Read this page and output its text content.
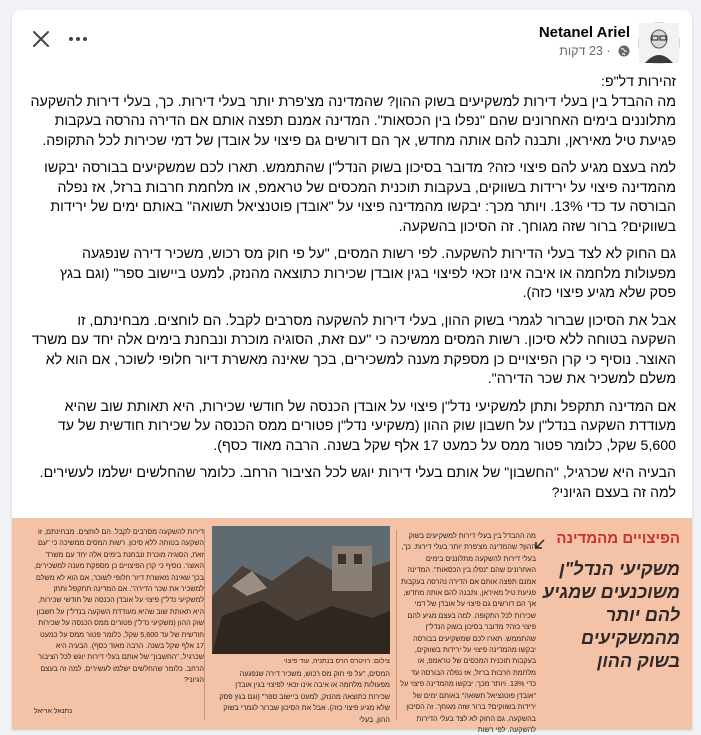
Netanel Ariel
· 23 דקות

זהירות דל"פ:
מה ההבדל בין בעלי דירות למשקיעים בשוק ההון? שהמדינה מצ'פרת יותר בעלי דירות. כך, בעלי דירות להשקעה מתלוננים בימים האחרונים שהם "נפלו בין הכסאות". המדינה אמנם תפצה אותם אם הדירה נהרסה בעקבות פגיעת טיל מאיראן, ותבנה להם אותה מחדש, אך הם דורשים גם פיצוי על אובדן של דמי שכירות לכל התקופה.

למה בעצם מגיע להם פיצוי כזה? מדובר בסיכון בשוק הנדל"ן שהתממש. תארו לכם שמשקיעים בבורסה יבקשו מהמדינה פיצוי על ירידות בשווקים, בעקבות תוכנית המכסים של טראמפ, או מלחמת חרבות ברזל, אז נפלה הבורסה עד כדי 13%. ויותר מכך: יבקשו מהמדינה פיצוי על "אובדן פוטנציאל תשואה" באותם ימים של ירידות בשווקים? ברור שזה מגוחך. זה הסיכון בהשקעה.

גם החוק לא לצד בעלי הדירות להשקעה. לפי רשות המסים, "על פי חוק מס רכוש, משכיר דירה שנפגעה מפעולות מלחמה או איבה אינו זכאי לפיצוי בגין אובדן שכירות כתוצאה מהנזק, למעט ביישוב ספר" (וגם בגץ פסק שלא מגיע פיצוי כזה).

אבל את הסיכון שברור לגמרי בשוק ההון, בעלי דירות להשקעה מסרבים לקבל. הם לוחצים. מבחינתם, זו השקעה בטוחה ללא סיכון. רשות המסים ממשיכה כי "עם זאת, הסוגיה מוכרת ונבחנת בימים אלה יחד עם משרד האוצר. נוסיף כי קרן הפיצויים כן מספקת מענה למשכירים, בכך שאינה מאשרת דיור חלופי לשוכר, אם הוא לא משלם למשכיר את שכר הדירה".

אם המדינה תתקפל ותתן למשקיעי נדל"ן פיצוי על אובדן הכנסה של חודשי שכירות, היא תאותת שוב שהיא מעודדת השקעה בנדל"ן על חשבון שוק ההון (משקיעי נדל"ן פטורים ממס הכנסה על שכירות חודשית של עד 5,600 שקל, כלומר פטור ממס על כמעט 17 אלף שקל בשנה. הרבה מאוד כסף).

הבעיה היא שכרגיל, "החשבון" של אותם בעלי דירות יוגש לכל הציבור הרחב. כלומר שהחלשים ישלמו לעשירים.
למה זה בעצם הגיוני?

הפיצויים מהמדינה
משקיעי הנדל"ן משוכנעים שמגיע להם יותר מהמשקיעים בשוק ההון
מה ההבדל בין בעלי דירות למשקיעים בשוק ההון? שהמדינה מצ'פרת יותר בעלי דירות. כך, בעלי דירות להשקעה מתלוננים בימים האחרונים שהם "נפלו בין הכסאות". המדינה אמנם תפצה אותם אם הדירה נהרסה בעקבות פגיעת טיל מאיראן, ותבנה להם אותה מחדש, אך הם דורשים גם פיצוי על אובדן של דמי שכירות לכל התקופה. למה בעצם מגיע להם פיצוי כזה? מדובר בסיכון בשוק הנדל"ן שהתממש. תארו לכם שמשקיעים בבורסה יבקשו מהמדינה פיצוי על ירידות בשווקים, בעקבות תוכנית המכסים של טראמפ, או מלחמת חרבות ברזל, אז נפלה הבורסה עד כדי 13%. ויותר מכך: יבקשו מהמדינה פיצוי על "אובדן פוטנציאל תשואה" באותם ימים של ירידות בשווקים? ברור שזה מגוחך. זה הסיכון בהשקעה. גם החוק לא לצד בעלי הדירות להשקעה. לפי רשות
צילום: רויטרס הרס בנתניה, עוד פיצוי
המסים, "על פי חוק מס רכוש, משכיר דירה שנפגעה מפעולות מלחמה או איבה אינו זכאי לפיצוי בגין אובדן שכירות כתוצאה מהנזק, למעט ביישוב ספר" (וגם בגץ פסק שלא מגיע פיצוי כזה). אבל את הסיכון שברור לגמרי בשוק ההון, בעלי
דירות להשקעה מסרבים לקבל. הם לוחצים. מבחינתם, זו השקעה בטוחה ללא סיכון. רשות המסים ממשיכה כי "עם זאת, הסוגיה מוכרת ונבחנת בימים אלה יחד עם משרד האוצר. נוסיף כי קרן הפיצויים כן מספקת מענה למשכירים, בכך שאינה מאשרת דיור חלופי לשוכר, אם הוא לא משלם למשכיר את שכר הדירה". אם המדינה תתקפל ותתן למשקיעי נדל"ן פיצוי על אובדן הכנסה של חודשי שכירות, היא תאותת שוב שהיא מעודדת השקעה בנדל"ן על חשבון שוק ההון (משקיעי נדל"ן פטורים ממס הכנסה על שכירות חודשית של עד 5,600 שקל, כלומר פטור ממס על כמעט 17 אלף שקל בשנה. הרבה מאוד כסף). הבעיה היא שכרגיל, "החשבון" של אותם בעלי דירות יוגש לכל הציבור הרחב. כלומר שהחלשים ישלמו לעשירים. למה זה בעצם הגיוני?
נתנאל אריאל
